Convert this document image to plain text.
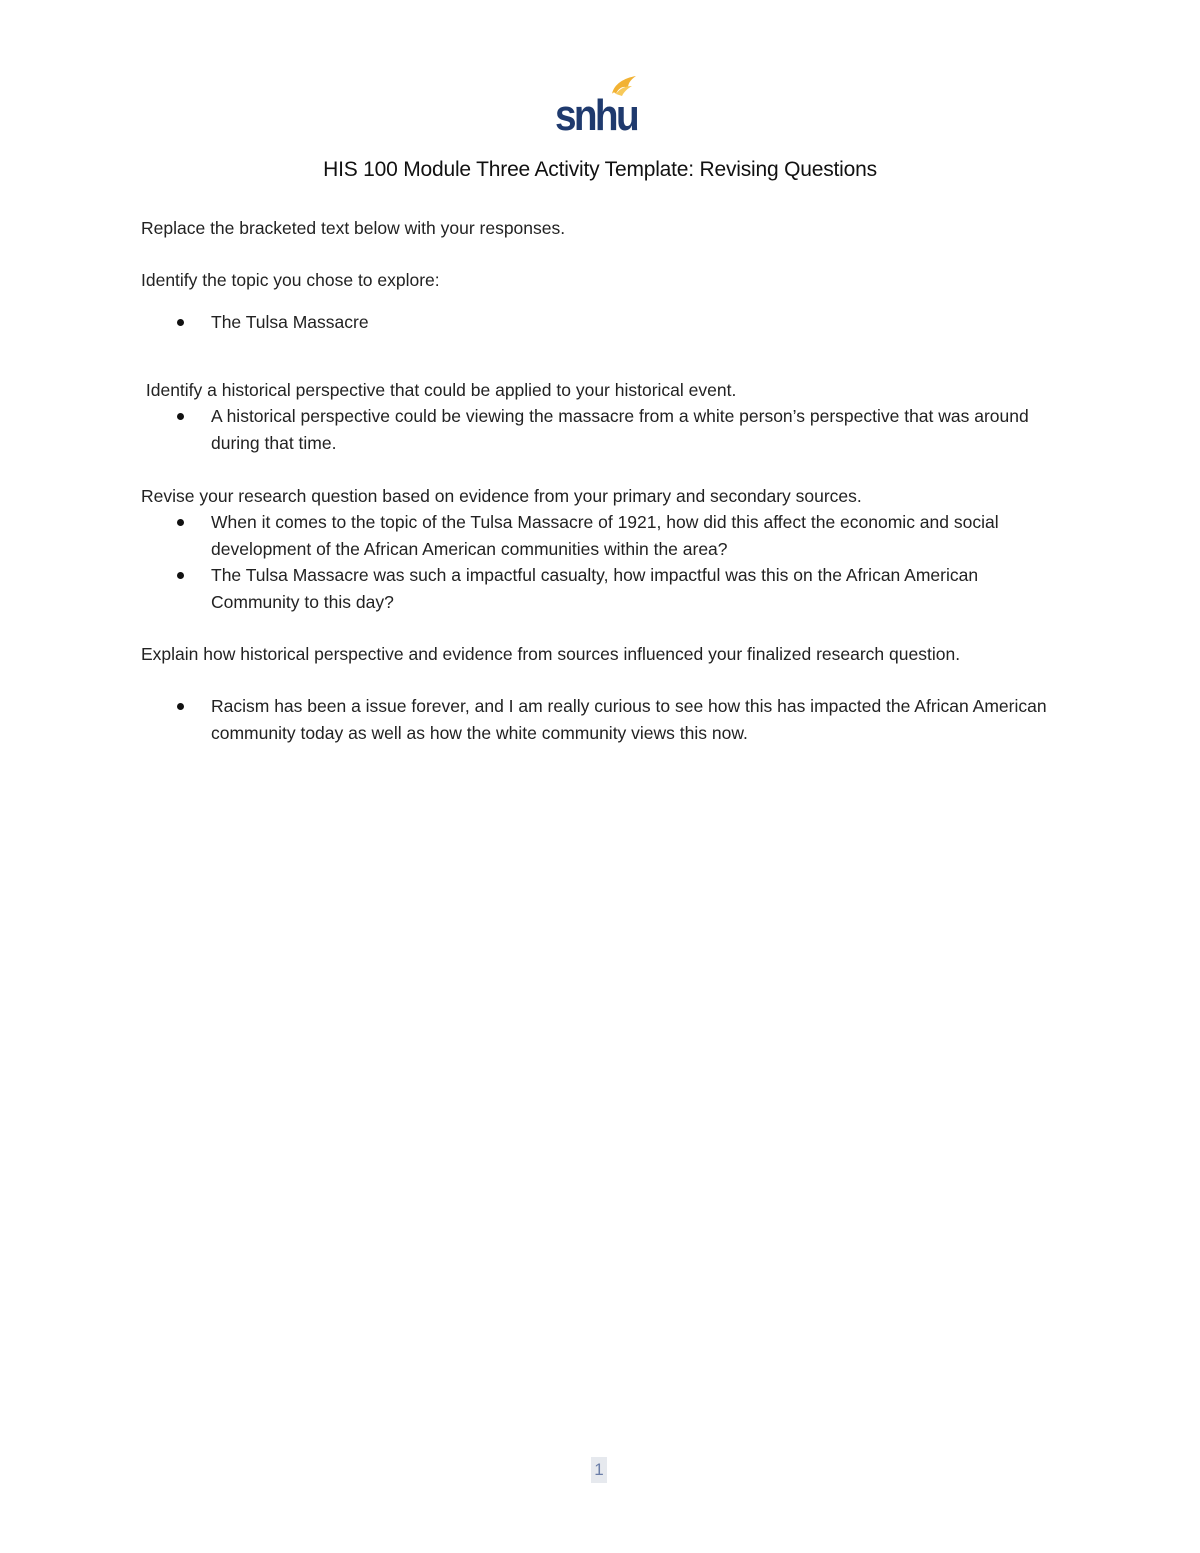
snhu
HIS 100 Module Three Activity Template: Revising Questions
Replace the bracketed text below with your responses.
Identify the topic you chose to explore:
The Tulsa Massacre
Identify a historical perspective that could be applied to your historical event.
A historical perspective could be viewing the massacre from a white person’s perspective that was around during that time.
Revise your research question based on evidence from your primary and secondary sources.
When it comes to the topic of the Tulsa Massacre of 1921, how did this affect the economic and social development of the African American communities within the area?
The Tulsa Massacre was such a impactful casualty, how impactful was this on the African American Community to this day?
Explain how historical perspective and evidence from sources influenced your finalized research question.
Racism has been a issue forever, and I am really curious to see how this has impacted the African American community today as well as how the white community views this now.
1
